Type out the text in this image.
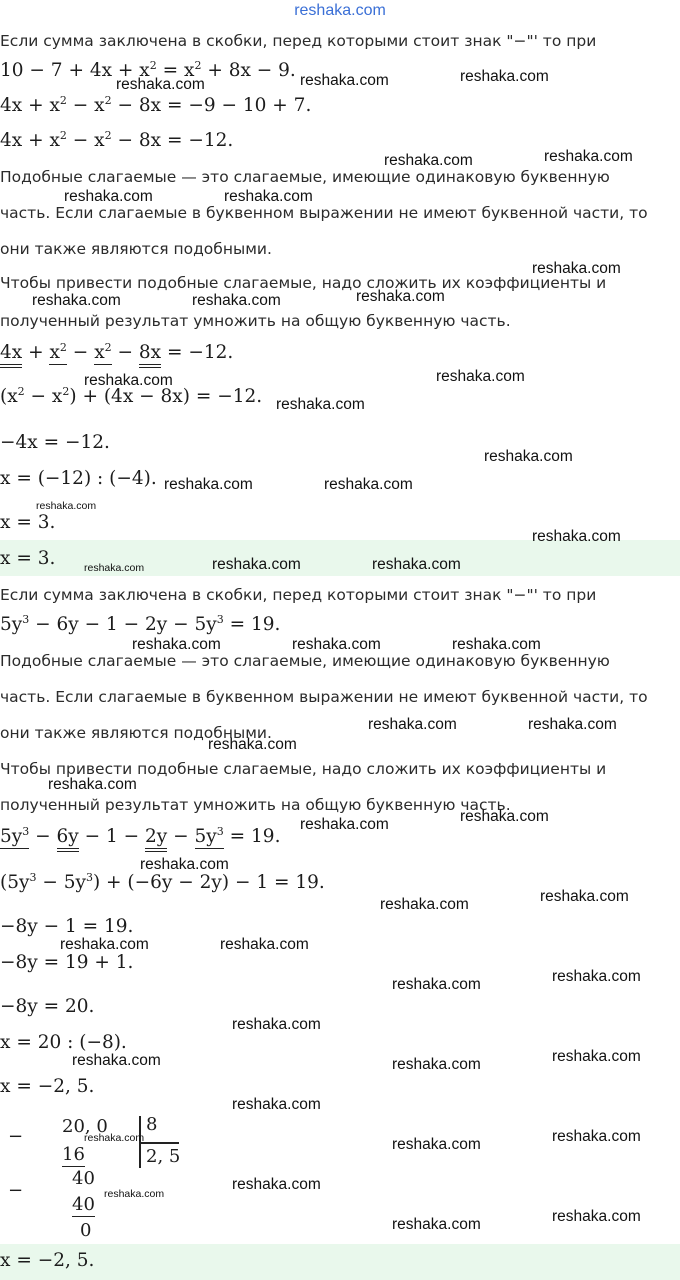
reshaka.com
Если сумма заключена в скобки, перед которыми стоит знак "−"' то при
$10 - 7 + 4x + x^2 = x^2 + 8x - 9$.
$4x + x^2 - x^2 - 8x = -9 - 10 + 7$.
$4x + x^2 - x^2 - 8x = -12$.
Подобные слагаемые — это слагаемые, имеющие одинаковую буквенную
часть. Если слагаемые в буквенном выражении не имеют буквенной части, то
они также являются подобными.
Чтобы привести подобные слагаемые, надо сложить их коэффициенты и
полученный результат умножить на общую буквенную часть.
$4x + x^2 - x^2 - 8x = -12$.
$(x^2 - x^2) + (4x - 8x) = -12$.
−4x = −12.
x = (−12) : (−4).
x = 3.
x = 3.
Если сумма заключена в скобки, перед которыми стоит знак "−"' то при
$5y^3 - 6y - 1 - 2y - 5y^3 = 19$.
Подобные слагаемые — это слагаемые, имеющие одинаковую буквенную
часть. Если слагаемые в буквенном выражении не имеют буквенной части, то
они также являются подобными.
Чтобы привести подобные слагаемые, надо сложить их коэффициенты и
полученный результат умножить на общую буквенную часть.
$5y^3 - 6y - 1 - 2y - 5y^3 = 19$.
$(5y^3 - 5y^3) + (-6y - 2y) - 1 = 19$.
−8y − 1 = 19.
−8y = 19 + 1.
−8y = 20.
x = 20 : (−8).
x = −2, 5.
− 20, 0
16
8
2, 5
−
40
40
0
x = −2, 5.
reshaka.com	reshaka.com
reshaka.com
reshaka.com	reshaka.com
reshaka.com	reshaka.com
reshaka.com
reshaka.com	reshaka.com	reshaka.com
reshaka.com	reshaka.com
reshaka.com
reshaka.com
reshaka.com	reshaka.com
reshaka.com
reshaka.com
reshaka.com	reshaka.com	reshaka.com
reshaka.com	reshaka.com	reshaka.com
reshaka.com	reshaka.com
reshaka.com
reshaka.com
reshaka.com	reshaka.com
reshaka.com
reshaka.com
reshaka.com
reshaka.com	reshaka.com
reshaka.com
reshaka.com
reshaka.com
reshaka.com	reshaka.com	reshaka.com
reshaka.com
reshaka.com	reshaka.com	reshaka.com
reshaka.com
reshaka.com
reshaka.com	reshaka.com
